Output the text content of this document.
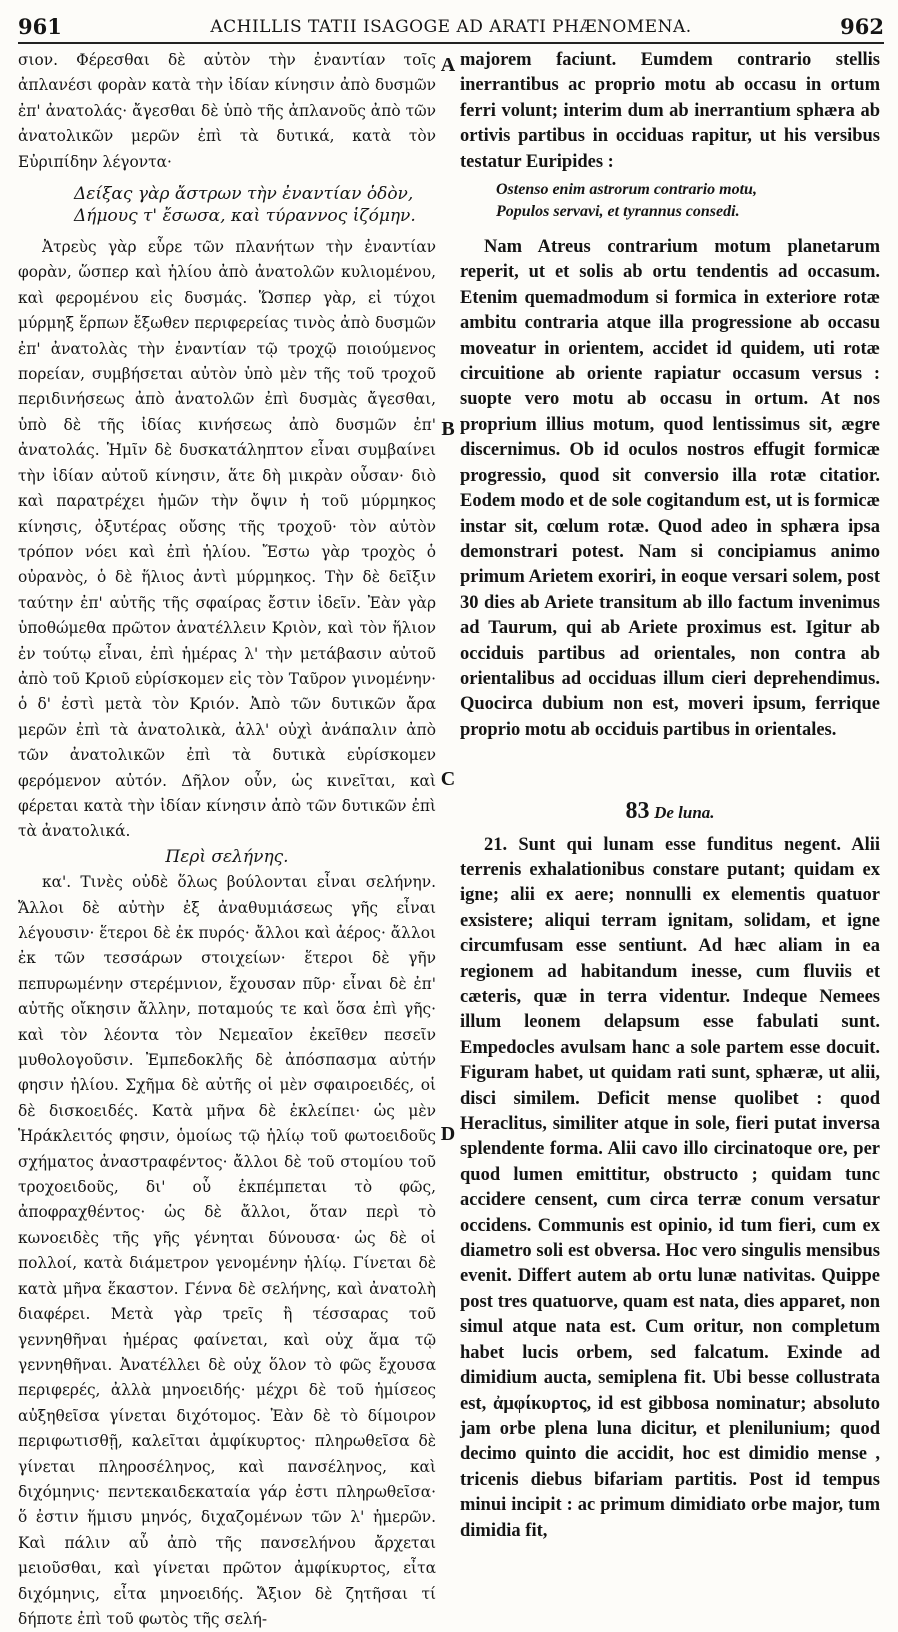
961	ACHILLIS TATII ISAGOGE AD ARATI PHÆNOMENA.	962

σιον. Φέρεσθαι δὲ αὐτὸν τὴν ἐναντίαν τοῖς ἀπλανέσι φορὰν κατὰ τὴν ἰδίαν κίνησιν ἀπὸ δυσμῶν ἐπ' ἀνατολάς· ἄγεσθαι δὲ ὑπὸ τῆς ἀπλανοῦς ἀπὸ τῶν ἀνατολικῶν μερῶν ἐπὶ τὰ δυτικά, κατὰ τὸν Εὐριπίδην λέγοντα·

Δείξας γὰρ ἄστρων τὴν ἐναντίαν ὁδὸν,
Δήμους τ' ἔσωσα, καὶ τύραννος ἱζόμην.

Ἀτρεὺς γὰρ εὗρε τῶν πλανήτων τὴν ἐναντίαν φορὰν, ὥσπερ καὶ ἡλίου ἀπὸ ἀνατολῶν κυλιομένου, καὶ φερομένου εἰς δυσμάς. Ὥσπερ γὰρ, εἰ τύχοι μύρμηξ ἕρπων ἔξωθεν περιφερείας τινὸς ἀπὸ δυσμῶν ἐπ' ἀνατολὰς τὴν ἐναντίαν τῷ τροχῷ ποιούμενος πορείαν, συμβήσεται αὐτὸν ὑπὸ μὲν τῆς τοῦ τροχοῦ περιδινήσεως ἀπὸ ἀνατολῶν ἐπὶ δυσμὰς ἄγεσθαι, ὑπὸ δὲ τῆς ἰδίας κινήσεως ἀπὸ δυσμῶν ἐπ' ἀνατολάς. Ἡμῖν δὲ δυσκατάληπτον εἶναι συμβαίνει τὴν ἰδίαν αὐτοῦ κίνησιν, ἅτε δὴ μικρὰν οὖσαν· διὸ καὶ παρατρέχει ἡμῶν τὴν ὄψιν ἡ τοῦ μύρμηκος κίνησις, ὀξυτέρας οὔσης τῆς τροχοῦ· τὸν αὐτὸν τρόπον νόει καὶ ἐπὶ ἡλίου. Ἔστω γὰρ τροχὸς ὁ οὐρανὸς, ὁ δὲ ἥλιος ἀντὶ μύρμηκος. Τὴν δὲ δεῖξιν ταύτην ἐπ' αὐτῆς τῆς σφαίρας ἔστιν ἰδεῖν. Ἐὰν γὰρ ὑποθώμεθα πρῶτον ἀνατέλλειν Κριὸν, καὶ τὸν ἥλιον ἐν τούτῳ εἶναι, ἐπὶ ἡμέρας λ' τὴν μετάβασιν αὐτοῦ ἀπὸ τοῦ Κριοῦ εὑρίσκομεν εἰς τὸν Ταῦρον γινομένην· ὁ δ' ἐστὶ μετὰ τὸν Κριόν. Ἀπὸ τῶν δυτικῶν ἄρα μερῶν ἐπὶ τὰ ἀνατολικὰ, ἀλλ' οὐχὶ ἀνάπαλιν ἀπὸ τῶν ἀνατολικῶν ἐπὶ τὰ δυτικὰ εὑρίσκομεν φερόμενον αὐτόν. Δῆλον οὖν, ὡς κινεῖται, καὶ φέρεται κατὰ τὴν ἰδίαν κίνησιν ἀπὸ τῶν δυτικῶν ἐπὶ τὰ ἀνατολικά.

Περὶ σελήνης.

κα'. Τινὲς οὐδὲ ὅλως βούλονται εἶναι σελήνην. Ἄλλοι δὲ αὐτὴν ἐξ ἀναθυμιάσεως γῆς εἶναι λέγουσιν· ἕτεροι δὲ ἐκ πυρός· ἄλλοι καὶ ἀέρος· ἄλλοι ἐκ τῶν τεσσάρων στοιχείων· ἕτεροι δὲ γῆν πεπυρωμένην στερέμνιον, ἔχουσαν πῦρ· εἶναι δὲ ἐπ' αὐτῆς οἴκησιν ἄλλην, ποταμούς τε καὶ ὅσα ἐπὶ γῆς· καὶ τὸν λέοντα τὸν Νεμεαῖον ἐκεῖθεν πεσεῖν μυθολογοῦσιν. Ἐμπεδοκλῆς δὲ ἀπόσπασμα αὐτήν φησιν ἡλίου. Σχῆμα δὲ αὐτῆς οἱ μὲν σφαιροειδές, οἱ δὲ δισκοειδές. Κατὰ μῆνα δὲ ἐκλείπει· ὡς μὲν Ἡράκλειτός φησιν, ὁμοίως τῷ ἡλίῳ τοῦ φωτοειδοῦς σχήματος ἀναστραφέντος· ἄλλοι δὲ τοῦ στομίου τοῦ τροχοειδοῦς, δι' οὗ ἐκπέμπεται τὸ φῶς, ἀποφραχθέντος· ὡς δὲ ἄλλοι, ὅταν περὶ τὸ κωνοειδὲς τῆς γῆς γένηται δύνουσα· ὡς δὲ οἱ πολλοί, κατὰ διάμετρον γενομένην ἡλίῳ. Γίνεται δὲ κατὰ μῆνα ἕκαστον. Γέννα δὲ σελήνης, καὶ ἀνατολὴ διαφέρει. Μετὰ γὰρ τρεῖς ἢ τέσσαρας τοῦ γεννηθῆναι ἡμέρας φαίνεται, καὶ οὐχ ἅμα τῷ γεννηθῆναι. Ἀνατέλλει δὲ οὐχ ὅλον τὸ φῶς ἔχουσα περιφερές, ἀλλὰ μηνοειδής· μέχρι δὲ τοῦ ἡμίσεος αὐξηθεῖσα γίνεται διχότομος. Ἐὰν δὲ τὸ δίμοιρον περιφωτισθῇ, καλεῖται ἀμφίκυρτος· πληρωθεῖσα δὲ γίνεται πληροσέληνος, καὶ πανσέληνος, καὶ διχόμηνις· πεντεκαιδεκαταία γάρ ἐστι πληρωθεῖσα· ὅ ἐστιν ἥμισυ μηνός, διχαζομένων τῶν λ' ἡμερῶν. Καὶ πάλιν αὖ ἀπὸ τῆς πανσελήνου ἄρχεται μειοῦσθαι, καὶ γίνεται πρῶτον ἀμφίκυρτος, εἶτα διχόμηνις, εἶτα μηνοειδής. Ἄξιον δὲ ζητῆσαι τί δήποτε ἐπὶ τοῦ φωτὸς τῆς σελή-

A
B
C
D

majorem faciunt. Eumdem contrario stellis inerrantibus ac proprio motu ab occasu in ortum ferri volunt; interim dum ab inerrantium sphæra ab ortivis partibus in occiduas rapitur, ut his versibus testatur Euripides :

Ostenso enim astrorum contrario motu,
Populos servavi, et tyrannus consedi.

Nam Atreus contrarium motum planetarum reperit, ut et solis ab ortu tendentis ad occasum. Etenim quemadmodum si formica in exteriore rotæ ambitu contraria atque illa progressione ab occasu moveatur in orientem, accidet id quidem, uti rotæ circuitione ab oriente rapiatur occasum versus : suopte vero motu ab occasu in ortum. At nos proprium illius motum, quod lentissimus sit, ægre discernimus. Ob id oculos nostros effugit formicæ progressio, quod sit conversio illa rotæ citatior. Eodem modo et de sole cogitandum est, ut is formicæ instar sit, cœlum rotæ. Quod adeo in sphæra ipsa demonstrari potest. Nam si concipiamus animo primum Arietem exoriri, in eoque versari solem, post 30 dies ab Ariete transitum ab illo factum invenimus ad Taurum, qui ab Ariete proximus est. Igitur ab occiduis partibus ad orientales, non contra ab orientalibus ad occiduas illum cieri deprehendimus. Quocirca dubium non est, moveri ipsum, ferrique proprio motu ab occiduis partibus in orientales.

83 De luna.

21. Sunt qui lunam esse funditus negent. Alii terrenis exhalationibus constare putant; quidam ex igne; alii ex aere; nonnulli ex elementis quatuor exsistere; aliqui terram ignitam, solidam, et igne circumfusam esse sentiunt. Ad hæc aliam in ea regionem ad habitandum inesse, cum fluviis et cæteris, quæ in terra videntur. Indeque Nemees illum leonem delapsum esse fabulati sunt. Empedocles avulsam hanc a sole partem esse docuit. Figuram habet, ut quidam rati sunt, sphæræ, ut alii, disci similem. Deficit mense quolibet : quod Heraclitus, similiter atque in sole, fieri putat inversa splendente forma. Alii cavo illo circinatoque ore, per quod lumen emittitur, obstructo ; quidam tunc accidere censent, cum circa terræ conum versatur occidens. Communis est opinio, id tum fieri, cum ex diametro soli est obversa. Hoc vero singulis mensibus evenit. Differt autem ab ortu lunæ nativitas. Quippe post tres quatuorve, quam est nata, dies apparet, non simul atque nata est. Cum oritur, non completum habet lucis orbem, sed falcatum. Exinde ad dimidium aucta, semiplena fit. Ubi besse collustrata est, ἀμφίκυρτος, id est gibbosa nominatur; absoluto jam orbe plena luna dicitur, et plenilunium; quod decimo quinto die accidit, hoc est dimidio mense , tricenis diebus bifariam partitis. Post id tempus minui incipit : ac primum dimidiato orbe major, tum dimidia fit,
